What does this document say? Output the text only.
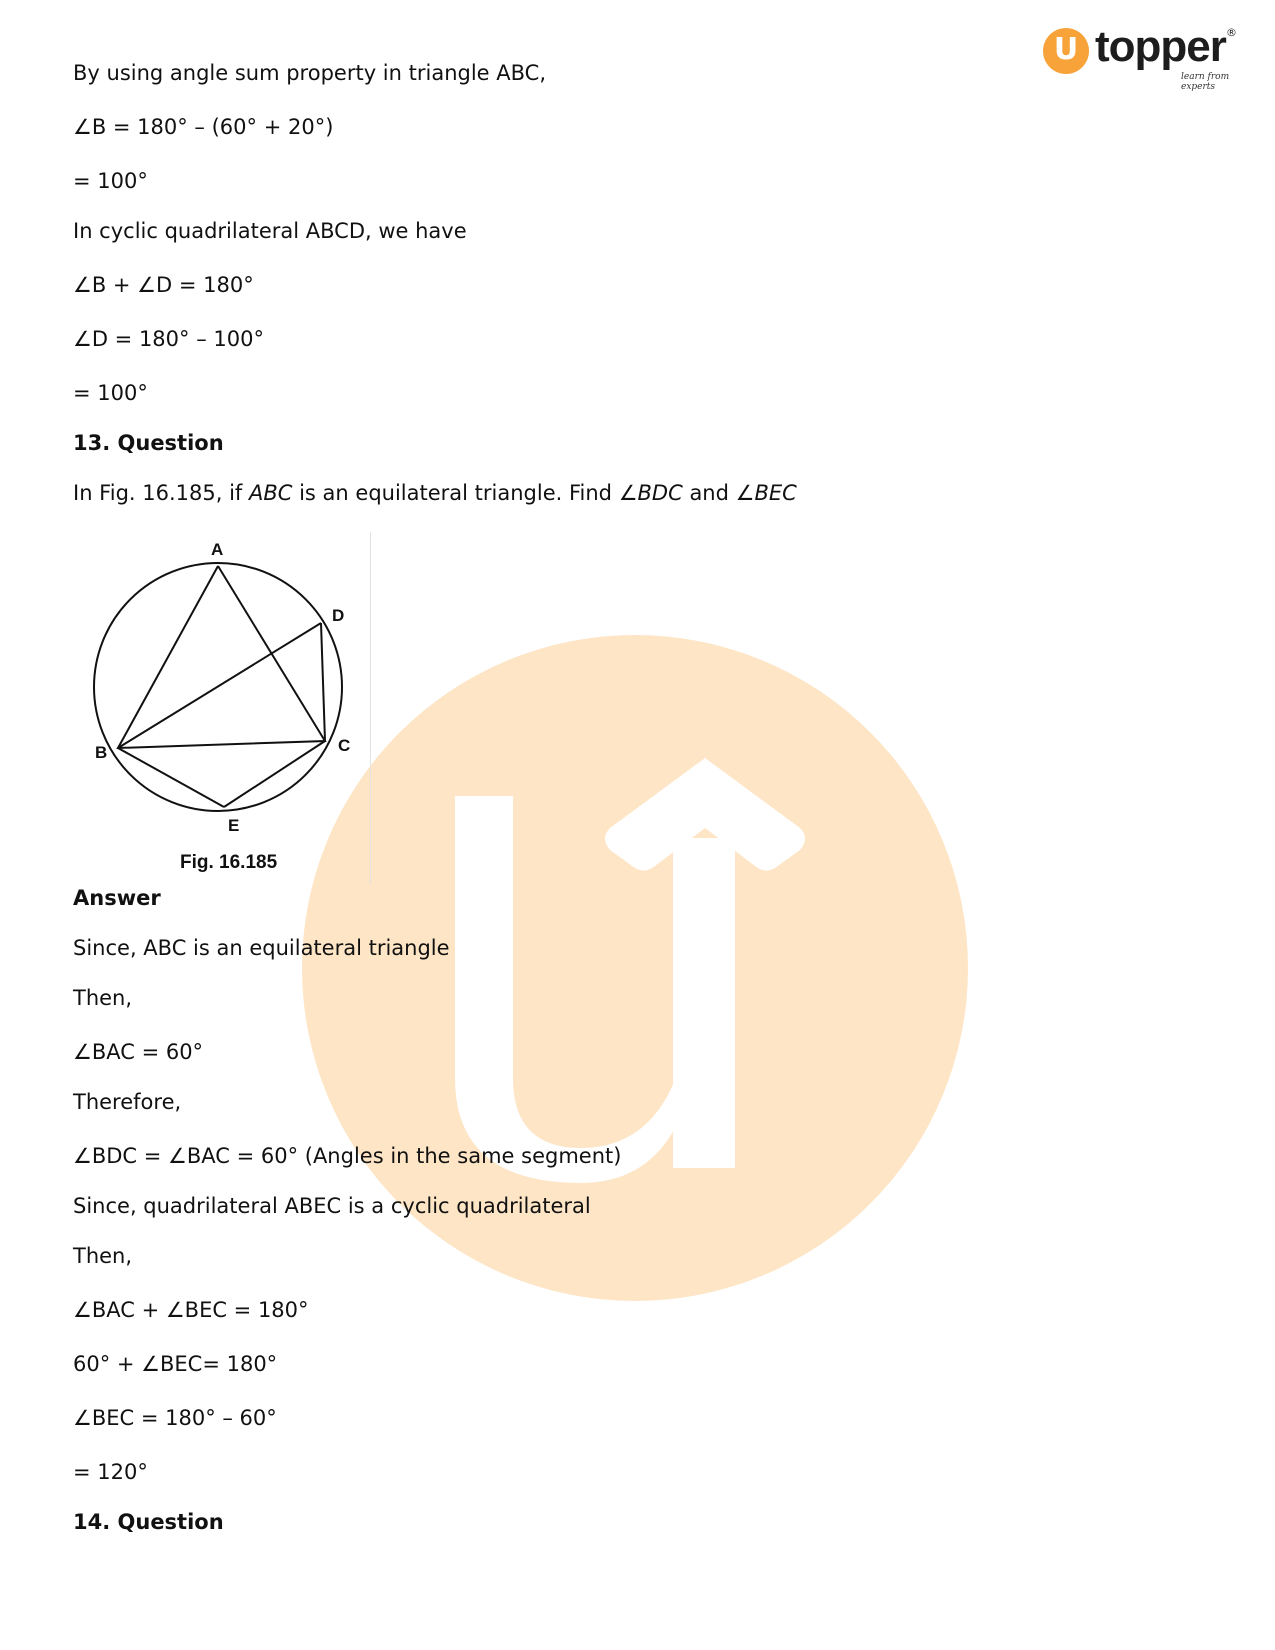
U topper ®
learn from experts

By using angle sum property in triangle ABC,

∠B = 180° – (60° + 20°)

= 100°

In cyclic quadrilateral ABCD, we have

∠B + ∠D = 180°

∠D = 180° – 100°

= 100°

13. Question

In Fig. 16.185, if ABC is an equilateral triangle. Find ∠BDC and ∠BEC

A
B	C
D
E
Fig. 16.185

Answer

Since, ABC is an equilateral triangle

Then,

∠BAC = 60°

Therefore,

∠BDC = ∠BAC = 60° (Angles in the same segment)

Since, quadrilateral ABEC is a cyclic quadrilateral

Then,

∠BAC + ∠BEC = 180°

60° + ∠BEC= 180°

∠BEC = 180° – 60°

= 120°

14. Question
